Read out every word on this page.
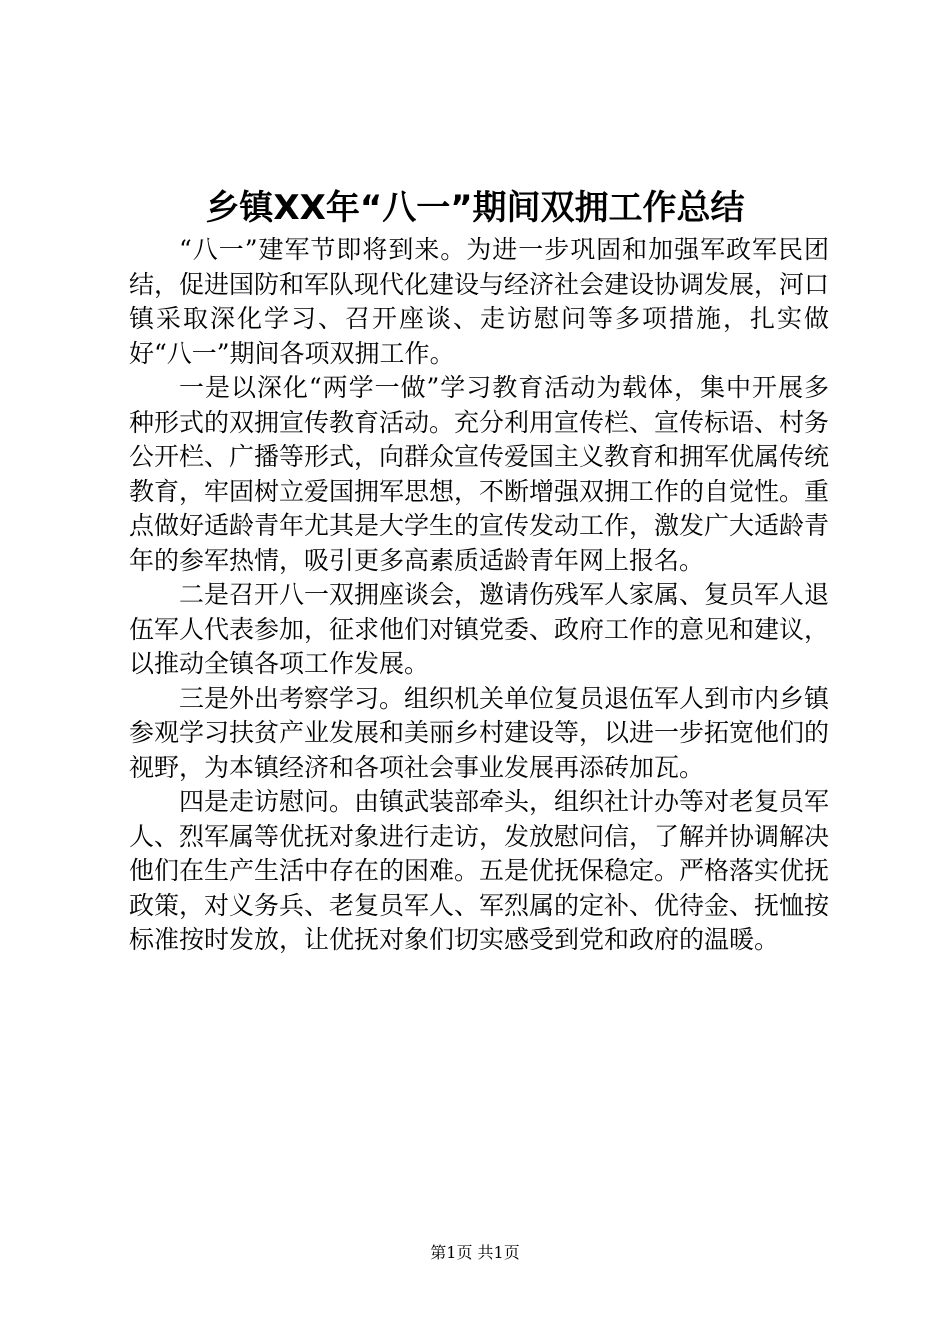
乡镇XX年“八一”期间双拥工作总结

“八一”建军节即将到来。为进一步巩固和加强军政军民团结，促进国防和军队现代化建设与经济社会建设协调发展，河口镇采取深化学习、召开座谈、走访慰问等多项措施，扎实做好“八一”期间各项双拥工作。

一是以深化“两学一做”学习教育活动为载体，集中开展多种形式的双拥宣传教育活动。充分利用宣传栏、宣传标语、村务公开栏、广播等形式，向群众宣传爱国主义教育和拥军优属传统教育，牢固树立爱国拥军思想，不断增强双拥工作的自觉性。重点做好适龄青年尤其是大学生的宣传发动工作，激发广大适龄青年的参军热情，吸引更多高素质适龄青年网上报名。

二是召开八一双拥座谈会，邀请伤残军人家属、复员军人退伍军人代表参加，征求他们对镇党委、政府工作的意见和建议，以推动全镇各项工作发展。

三是外出考察学习。组织机关单位复员退伍军人到市内乡镇参观学习扶贫产业发展和美丽乡村建设等，以进一步拓宽他们的视野，为本镇经济和各项社会事业发展再添砖加瓦。

四是走访慰问。由镇武装部牵头，组织社计办等对老复员军人、烈军属等优抚对象进行走访，发放慰问信，了解并协调解决他们在生产生活中存在的困难。五是优抚保稳定。严格落实优抚政策，对义务兵、老复员军人、军烈属的定补、优待金、抚恤按标准按时发放，让优抚对象们切实感受到党和政府的温暖。

第1页 共1页
